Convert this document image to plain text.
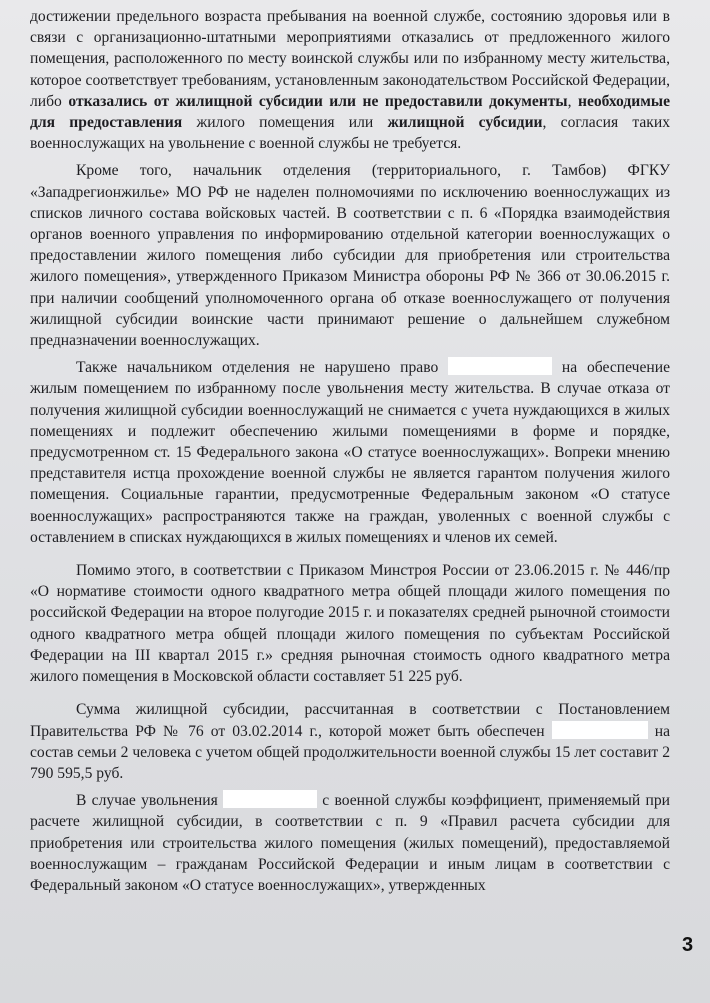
достижении предельного возраста пребывания на военной службе, состоянию здоровья или в связи с организационно-штатными мероприятиями отказались от предложенного жилого помещения, расположенного по месту воинской службы или по избранному месту жительства, которое соответствует требованиям, установленным законодательством Российской Федерации, либо отказались от жилищной субсидии или не предоставили документы, необходимые для предоставления жилого помещения или жилищной субсидии, согласия таких военнослужащих на увольнение с военной службы не требуется.

Кроме того, начальник отделения (территориального, г. Тамбов) ФГКУ «Западрегионжилье» МО РФ не наделен полномочиями по исключению военнослужащих из списков личного состава войсковых частей. В соответствии с п. 6 «Порядка взаимодействия органов военного управления по информированию отдельной категории военнослужащих о предоставлении жилого помещения либо субсидии для приобретения или строительства жилого помещения», утвержденного Приказом Министра обороны РФ № 366 от 30.06.2015 г. при наличии сообщений уполномоченного органа об отказе военнослужащего от получения жилищной субсидии воинские части принимают решение о дальнейшем служебном предназначении военнослужащих.

Также начальником отделения не нарушено право	на обеспечение жилым помещением по избранному после увольнения месту жительства. В случае отказа от получения жилищной субсидии военнослужащий не снимается с учета нуждающихся в жилых помещениях и подлежит обеспечению жилыми помещениями в форме и порядке, предусмотренном ст. 15 Федерального закона «О статусе военнослужащих». Вопреки мнению представителя истца прохождение военной службы не является гарантом получения жилого помещения. Социальные гарантии, предусмотренные Федеральным законом «О статусе военнослужащих» распространяются также на граждан, уволенных с военной службы с оставлением в списках нуждающихся в жилых помещениях и членов их семей.

Помимо этого, в соответствии с Приказом Минстроя России от 23.06.2015 г. № 446/пр «О нормативе стоимости одного квадратного метра общей площади жилого помещения по российской Федерации на второе полугодие 2015 г. и показателях средней рыночной стоимости одного квадратного метра общей площади жилого помещения по субъектам Российской Федерации на III квартал 2015 г.» средняя рыночная стоимость одного квадратного метра жилого помещения в Московской области составляет 51 225 руб.

Сумма жилищной субсидии, рассчитанная в соответствии с Постановлением Правительства РФ № 76 от 03.02.2014 г., которой может быть обеспечен	на состав семьи 2 человека с учетом общей продолжительности военной службы 15 лет составит 2 790 595,5 руб.

В случае увольнения	с военной службы коэффициент, применяемый при расчете жилищной субсидии, в соответствии с п. 9 «Правил расчета субсидии для приобретения или строительства жилого помещения (жилых помещений), предоставляемой военнослужащим – гражданам Российской Федерации и иным лицам в соответствии с Федеральный законом «О статусе военнослужащих», утвержденных

3
